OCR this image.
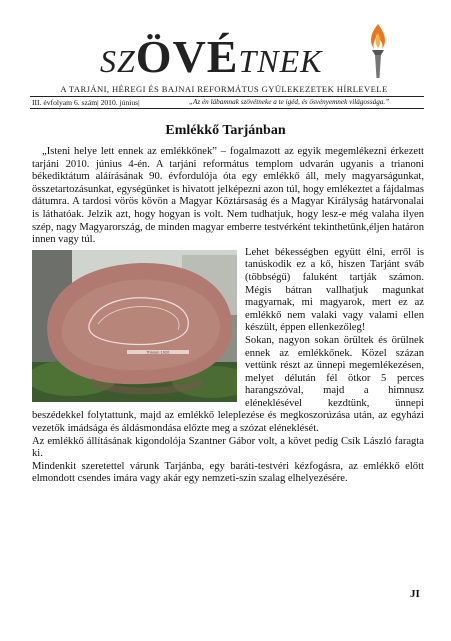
SZÖVÉTNEK
A TARJÁNI, HÉREGI ÉS BAJNAI REFORMÁTUS GYÜLEKEZETEK HÍRLEVELE
III. évfolyam 6. szám| 2010. június|	„Az én lábamnak szövétneke a te igéd, és ösvényemnek világossága.”
Emlékkő Tarjánban

„Isteni helye lett ennek az emlékkőnek” – fogalmazott az egyik megemlékezni érkezett tarjáni 2010. június 4-én. A tarjáni református templom udvarán ugyanis a trianoni békediktátum aláírásának 90. évfordulója óta egy emlékkő áll, mely magyarságunkat, összetartozásunkat, egységünket is hivatott jelképezni azon túl, hogy emlékeztet a fájdalmas dátumra. A tardosi vörös kövön a Magyar Köztársaság és a Magyar Királyság határvonalai is láthatóak. Jelzik azt, hogy hogyan is volt. Nem tudhatjuk, hogy lesz-e még valaha ilyen szép, nagy Magyarország, de minden magyar emberre testvérként tekinthetünk,éljen határon innen vagy túl.

Trianon 1920

Lehet békességben együtt élni, erről is tanúskodik ez a kő, hiszen Tarjánt sváb (többségű) faluként tartják számon. Mégis bátran vallhatjuk magunkat magyarnak, mi magyarok, mert ez az emlékkő nem valaki vagy valami ellen készült, éppen ellenkezőleg!

Sokan, nagyon sokan örültek és örülnek ennek az emlékkőnek. Közel százan vettünk részt az ünnepi megemlékezésen, melyet délután fél ötkor 5 perces harangszóval, majd a himnusz eléneklésével kezdtünk, ünnepi beszédekkel folytattunk, majd az emlékkő leleplezése és megkoszorúzása után, az egyházi vezetők imádsága és áldásmondása előzte meg a szózat eléneklését.

Az emlékkő állításának kigondolója Szantner Gábor volt, a követ pedig Csík László faragta ki.

Mindenkit szeretettel várunk Tarjánba, egy baráti-testvéri kézfogásra, az emlékkő előtt elmondott csendes imára vagy akár egy nemzeti-szín szalag elhelyezésére.

JI
